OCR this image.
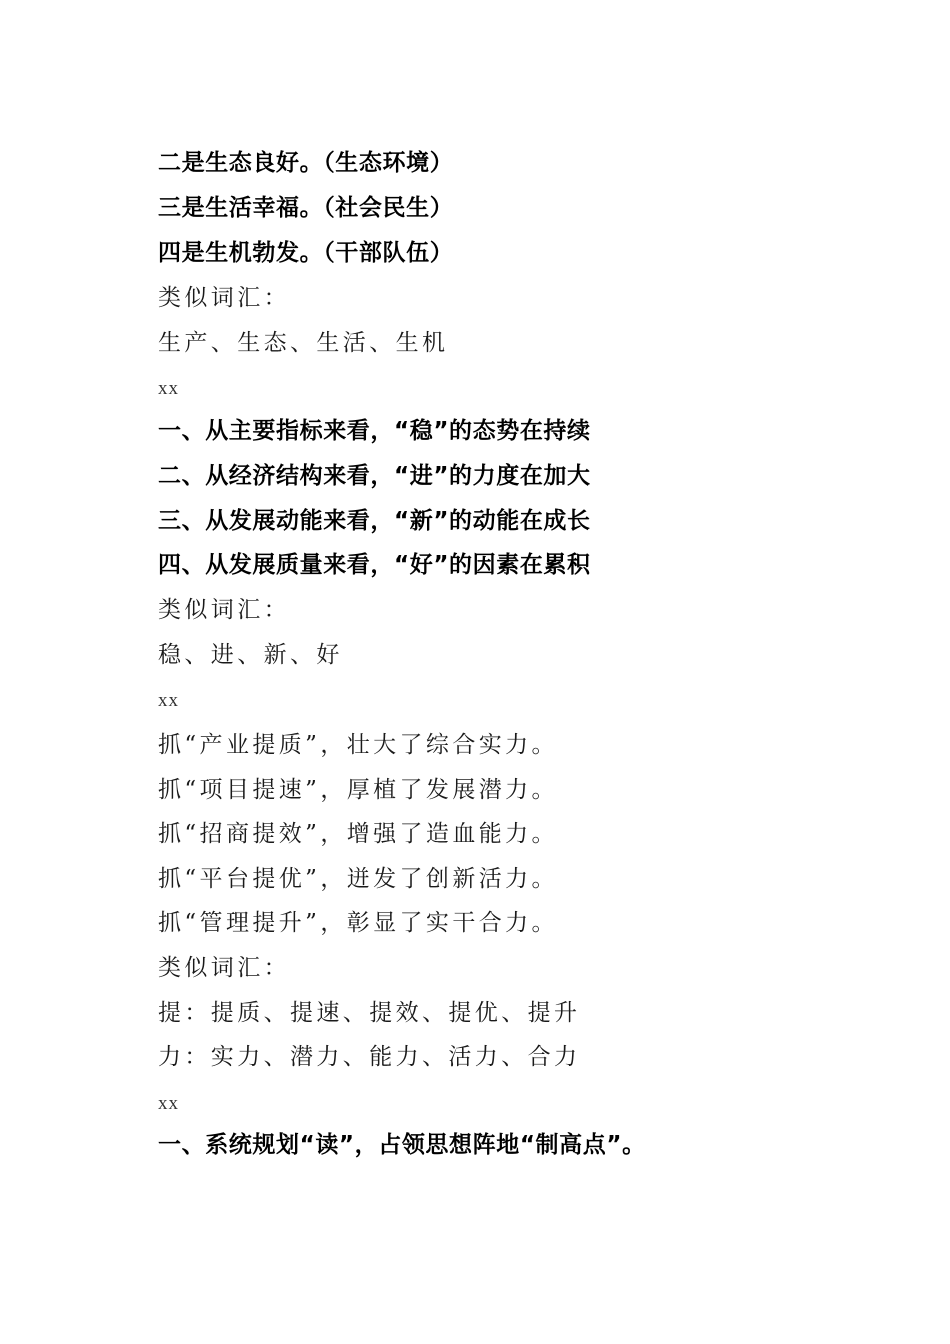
二是生态良好。（生态环境）
三是生活幸福。（社会民生）
四是生机勃发。（干部队伍）
类似词汇：
生产、生态、生活、生机
xx
一、从主要指标来看，“稳”的态势在持续
二、从经济结构来看，“进”的力度在加大
三、从发展动能来看，“新”的动能在成长
四、从发展质量来看，“好”的因素在累积
类似词汇：
稳、进、新、好
xx
抓“产业提质”，壮大了综合实力。
抓“项目提速”，厚植了发展潜力。
抓“招商提效”，增强了造血能力。
抓“平台提优”，迸发了创新活力。
抓“管理提升”，彰显了实干合力。
类似词汇：
提：提质、提速、提效、提优、提升
力：实力、潜力、能力、活力、合力
xx
一、系统规划“读”，占领思想阵地“制高点”。
